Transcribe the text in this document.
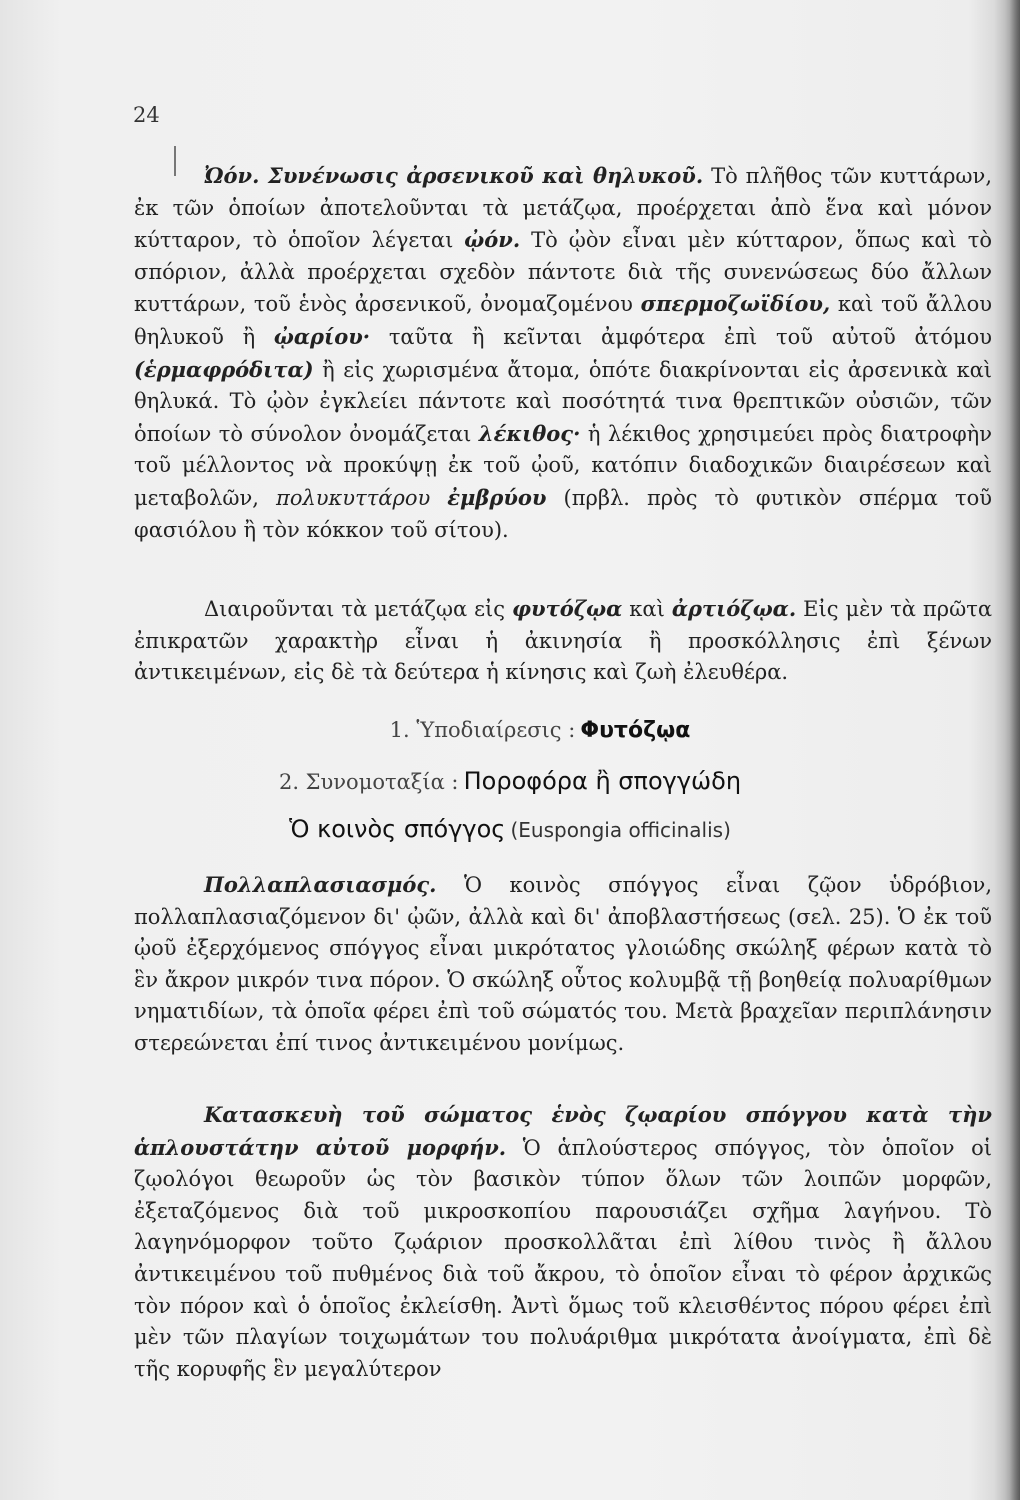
24

Ὠόν. Συνένωσις ἀρσενικοῦ καὶ θηλυκοῦ. Τὸ πλῆθος τῶν κυττάρων, ἐκ τῶν ὁποίων ἀποτελοῦνται τὰ μετάζῳα, προέρχεται ἀπὸ ἕνα καὶ μόνον κύτταρον, τὸ ὁποῖον λέγεται ᾠόν. Τὸ ᾠὸν εἶναι μὲν κύτταρον, ὅπως καὶ τὸ σπόριον, ἀλλὰ προέρχεται σχεδὸν πάντοτε διὰ τῆς συνενώσεως δύο ἄλλων κυττάρων, τοῦ ἑνὸς ἀρσενικοῦ, ὀνομαζομένου σπερμοζωϊδίου, καὶ τοῦ ἄλλου θηλυκοῦ ἢ ᾠαρίου· ταῦτα ἢ κεῖνται ἀμφότερα ἐπὶ τοῦ αὐτοῦ ἀτόμου (ἑρμαφρόδιτα) ἢ εἰς χωρισμένα ἄτομα, ὁπότε διακρίνονται εἰς ἀρσενικὰ καὶ θηλυκά. Τὸ ᾠὸν ἐγκλείει πάντοτε καὶ ποσότητά τινα θρεπτικῶν οὐσιῶν, τῶν ὁποίων τὸ σύνολον ὀνομάζεται λέκιθος· ἡ λέκιθος χρησιμεύει πρὸς διατροφὴν τοῦ μέλλοντος νὰ προκύψῃ ἐκ τοῦ ᾠοῦ, κατόπιν διαδοχικῶν διαιρέσεων καὶ μεταβολῶν, πολυκυττάρου ἐμβρύου (πρβλ. πρὸς τὸ φυτικὸν σπέρμα τοῦ φασιόλου ἢ τὸν κόκκον τοῦ σίτου).

Διαιροῦνται τὰ μετάζῳα εἰς φυτόζῳα καὶ ἀρτιόζῳα. Εἰς μὲν τὰ πρῶτα ἐπικρατῶν χαρακτὴρ εἶναι ἡ ἀκινησία ἢ προσκόλλησις ἐπὶ ξένων ἀντικειμένων, εἰς δὲ τὰ δεύτερα ἡ κίνησις καὶ ζωὴ ἐλευθέρα.

1. Ὑποδιαίρεσις : Φυτόζῳα
2. Συνομοταξία : Πορoφόρα ἢ σπογγώδη
Ὁ κοινὸς σπόγγος (Euspongia officinalis)

Πολλαπλασιασμός. Ὁ κοινὸς σπόγγος εἶναι ζῷον ὑδρόβιον, πολλαπλασιαζόμενον δι' ᾠῶν, ἀλλὰ καὶ δι' ἀποβλαστήσεως (σελ. 25). Ὁ ἐκ τοῦ ᾠοῦ ἐξερχόμενος σπόγγος εἶναι μικρότατος γλοιώδης σκώληξ φέρων κατὰ τὸ ἓν ἄκρον μικρόν τινα πόρον. Ὁ σκώληξ οὗτος κολυμβᾷ τῇ βοηθείᾳ πολυαρίθμων νηματιδίων, τὰ ὁποῖα φέρει ἐπὶ τοῦ σώματός του. Μετὰ βραχεῖαν περιπλάνησιν στερεώνεται ἐπί τινος ἀντικειμένου μονίμως.

Κατασκευὴ τοῦ σώματος ἑνὸς ζῳαρίου σπόγγου κατὰ τὴν ἁπλουστάτην αὐτοῦ μορφήν. Ὁ ἁπλούστερος σπόγγος, τὸν ὁποῖον οἱ ζῳολόγοι θεωροῦν ὡς τὸν βασικὸν τύπον ὅλων τῶν λοιπῶν μορφῶν, ἐξεταζόμενος διὰ τοῦ μικροσκοπίου παρουσιάζει σχῆμα λαγήνου. Τὸ λαγηνόμορφον τοῦτο ζῳάριον προσκολλᾶται ἐπὶ λίθου τινὸς ἢ ἄλλου ἀντικειμένου τοῦ πυθμένος διὰ τοῦ ἄκρου, τὸ ὁποῖον εἶναι τὸ φέρον ἀρχικῶς τὸν πόρον καὶ ὁ ὁποῖος ἐκλείσθη. Ἀντὶ ὅμως τοῦ κλεισθέντος πόρου φέρει ἐπὶ μὲν τῶν πλαγίων τοιχωμάτων του πολυάριθμα μικρότατα ἀνοίγματα, ἐπὶ δὲ τῆς κορυφῆς ἓν μεγαλύτερον
